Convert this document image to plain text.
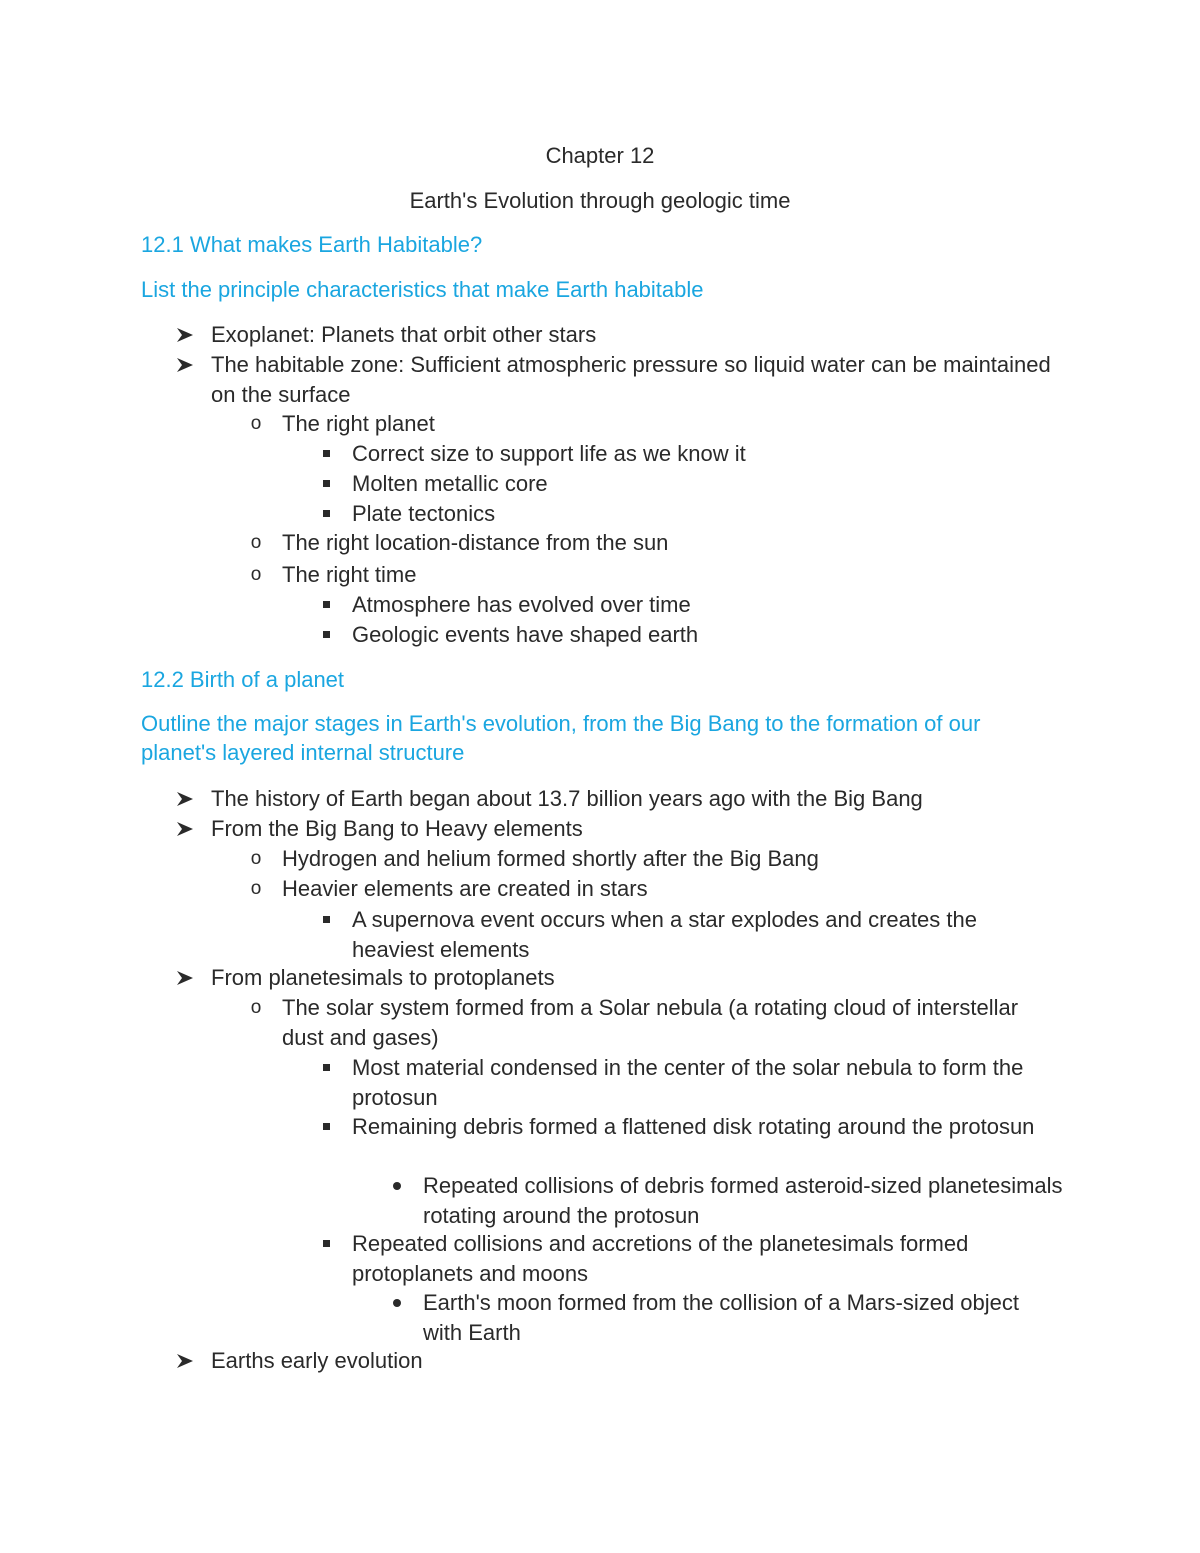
Chapter 12
Earth's Evolution through geologic time
12.1 What makes Earth Habitable?
List the principle characteristics that make Earth habitable
Exoplanet: Planets that orbit other stars
The habitable zone: Sufficient atmospheric pressure so liquid water can be maintained on the surface
o The right planet
Correct size to support life as we know it
Molten metallic core
Plate tectonics
o The right location-distance from the sun
o The right time
Atmosphere has evolved over time
Geologic events have shaped earth
12.2 Birth of a planet
Outline the major stages in Earth's evolution, from the Big Bang to the formation of our planet's layered internal structure
The history of Earth began about 13.7 billion years ago with the Big Bang
From the Big Bang to Heavy elements
o Hydrogen and helium formed shortly after the Big Bang
o Heavier elements are created in stars
A supernova event occurs when a star explodes and creates the heaviest elements
From planetesimals to protoplanets
o The solar system formed from a Solar nebula (a rotating cloud of interstellar dust and gases)
Most material condensed in the center of the solar nebula to form the protosun
Remaining debris formed a flattened disk rotating around the protosun
Repeated collisions of debris formed asteroid-sized planetesimals rotating around the protosun
Repeated collisions and accretions of the planetesimals formed protoplanets and moons
Earth's moon formed from the collision of a Mars-sized object with Earth
Earths early evolution
